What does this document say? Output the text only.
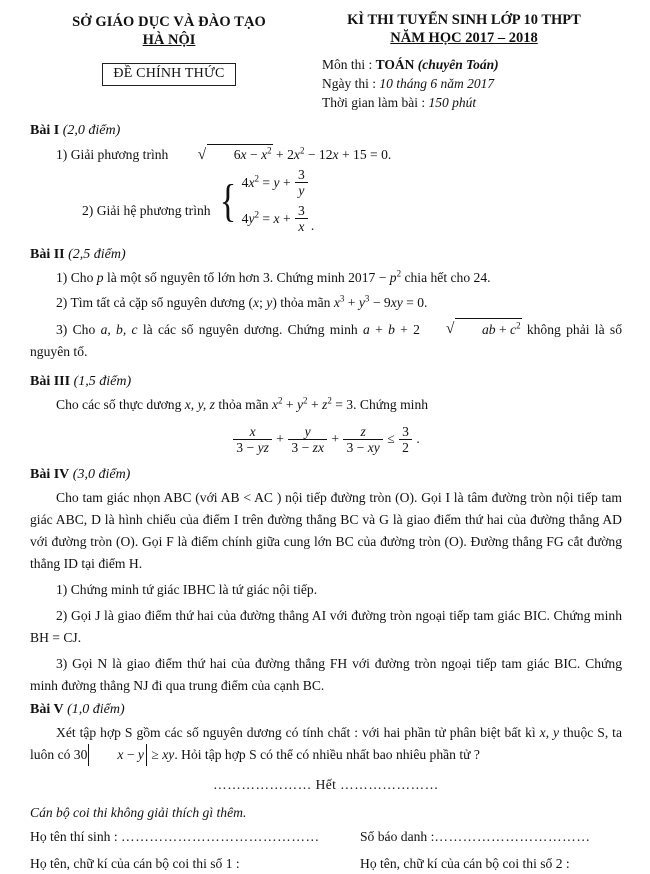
SỞ GIÁO DỤC VÀ ĐÀO TẠO
HÀ NỘI
ĐỀ CHÍNH THỨC
KÌ THI TUYỂN SINH LỚP 10 THPT
NĂM HỌC 2017 – 2018
Môn thi : TOÁN (chuyên Toán)
Ngày thi : 10 tháng 6 năm 2017
Thời gian làm bài : 150 phút
Bài I (2,0 điểm)
1) Giải phương trình	√ $6x - x^2 + 2x^2 - 12x + 15 = 0$.
2) Giải hệ phương trình { $4x^2 = y + \frac{3}{y}$
$4y^2 = x + \frac{3}{x}$ .
Bài II (2,5 điểm)
1) Cho p là một số nguyên tố lớn hơn 3. Chứng minh $2017 - p^2$ chia hết cho 24.
2) Tìm tất cả cặp số nguyên dương (x; y) thỏa mãn $x^3 + y^3 - 9xy = 0$.
3) Cho a, b, c là các số nguyên dương. Chứng minh a + b + 2	√ ab + $c^2$ không phải là số nguyên tố.
Bài III (1,5 điểm)
Cho các số thực dương x, y, z thỏa mãn $x^2 + y^2 + z^2 = 3$. Chứng minh
$\frac{x}{3 - yz} + \frac{y}{3 - zx} + \frac{z}{3 - xy} \le \frac{3}{2}$ .
Bài IV (3,0 điểm)
Cho tam giác nhọn ABC (với AB < AC ) nội tiếp đường tròn (O). Gọi I là tâm đường tròn nội tiếp tam giác ABC, D là hình chiếu của điểm I trên đường thẳng BC và G là giao điểm thứ hai của đường thẳng AD với đường tròn (O). Gọi F là điểm chính giữa cung lớn BC của đường tròn (O). Đường thẳng FG cắt đường thẳng ID tại điểm H.
1) Chứng minh tứ giác IBHC là tứ giác nội tiếp.
2) Gọi J là giao điểm thứ hai của đường thẳng AI với đường tròn ngoại tiếp tam giác BIC. Chứng minh BH = CJ.
3) Gọi N là giao điểm thứ hai của đường thẳng FH với đường tròn ngoại tiếp tam giác BIC. Chứng minh đường thẳng NJ đi qua trung điểm của cạnh BC.
Bài V (1,0 điểm)
Xét tập hợp S gồm các số nguyên dương có tính chất : với hai phần tử phân biệt bất kì x, y thuộc S, ta luôn có 30 x − y ≥ xy. Hỏi tập hợp S có thể có nhiều nhất bao nhiêu phần tử ?
………………… Hết …………………
Cán bộ coi thi không giải thích gì thêm.
Họ tên thí sinh : ……………………………………	Số báo danh :……………………………
Họ tên, chữ kí của cán bộ coi thi số 1 :	Họ tên, chữ kí của cán bộ coi thi số 2 :
